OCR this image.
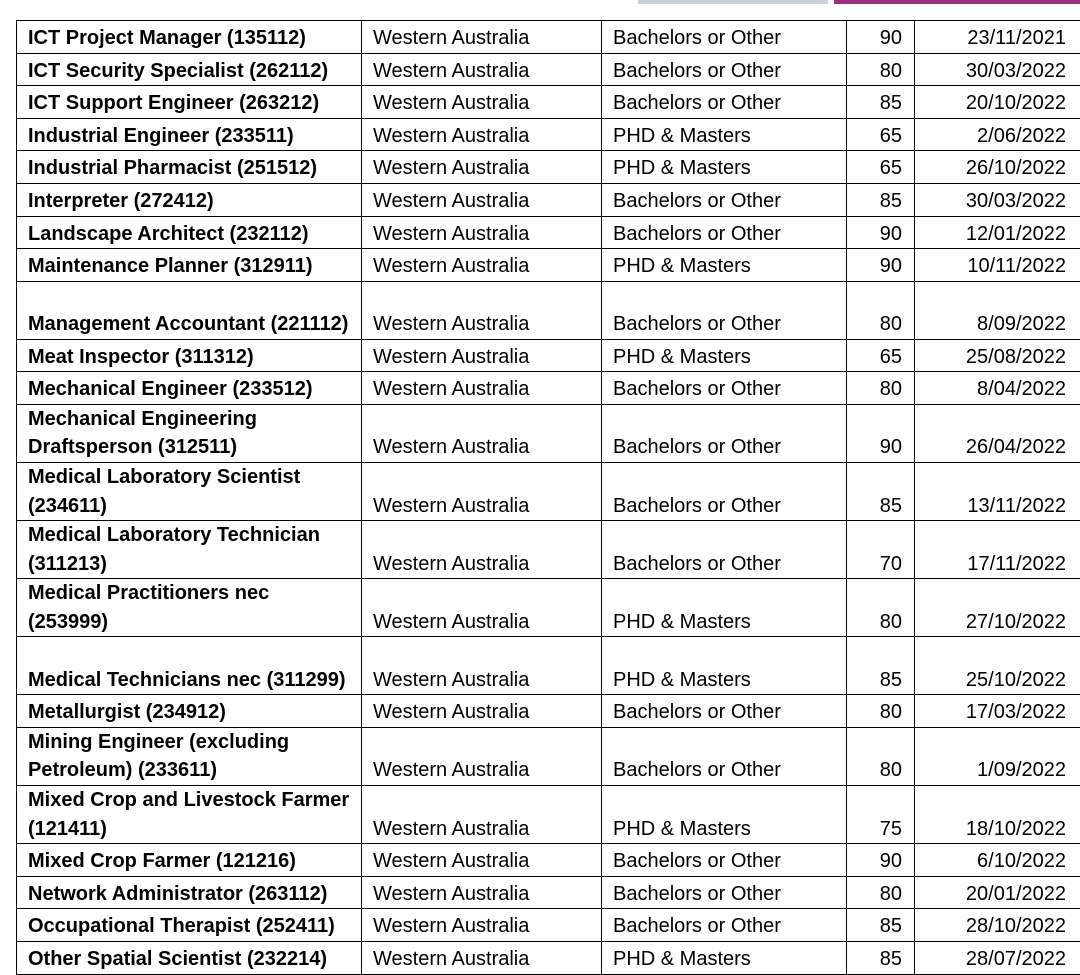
ICT Project Manager (135112)	Western Australia	Bachelors or Other	90	23/11/2021
ICT Security Specialist (262112)	Western Australia	Bachelors or Other	80	30/03/2022
ICT Support Engineer (263212)	Western Australia	Bachelors or Other	85	20/10/2022
Industrial Engineer (233511)	Western Australia	PHD & Masters	65	2/06/2022
Industrial Pharmacist (251512)	Western Australia	PHD & Masters	65	26/10/2022
Interpreter (272412)	Western Australia	Bachelors or Other	85	30/03/2022
Landscape Architect (232112)	Western Australia	Bachelors or Other	90	12/01/2022
Maintenance Planner (312911)	Western Australia	PHD & Masters	90	10/11/2022
Management Accountant (221112)	Western Australia	Bachelors or Other	80	8/09/2022
Meat Inspector (311312)	Western Australia	PHD & Masters	65	25/08/2022
Mechanical Engineer (233512)	Western Australia	Bachelors or Other	80	8/04/2022
Mechanical Engineering Draftsperson (312511)	Western Australia	Bachelors or Other	90	26/04/2022
Medical Laboratory Scientist (234611)	Western Australia	Bachelors or Other	85	13/11/2022
Medical Laboratory Technician (311213)	Western Australia	Bachelors or Other	70	17/11/2022
Medical Practitioners nec (253999)	Western Australia	PHD & Masters	80	27/10/2022
Medical Technicians nec (311299)	Western Australia	PHD & Masters	85	25/10/2022
Metallurgist (234912)	Western Australia	Bachelors or Other	80	17/03/2022
Mining Engineer (excluding Petroleum) (233611)	Western Australia	Bachelors or Other	80	1/09/2022
Mixed Crop and Livestock Farmer (121411)	Western Australia	PHD & Masters	75	18/10/2022
Mixed Crop Farmer (121216)	Western Australia	Bachelors or Other	90	6/10/2022
Network Administrator (263112)	Western Australia	Bachelors or Other	80	20/01/2022
Occupational Therapist (252411)	Western Australia	Bachelors or Other	85	28/10/2022
Other Spatial Scientist (232214)	Western Australia	PHD & Masters	85	28/07/2022
